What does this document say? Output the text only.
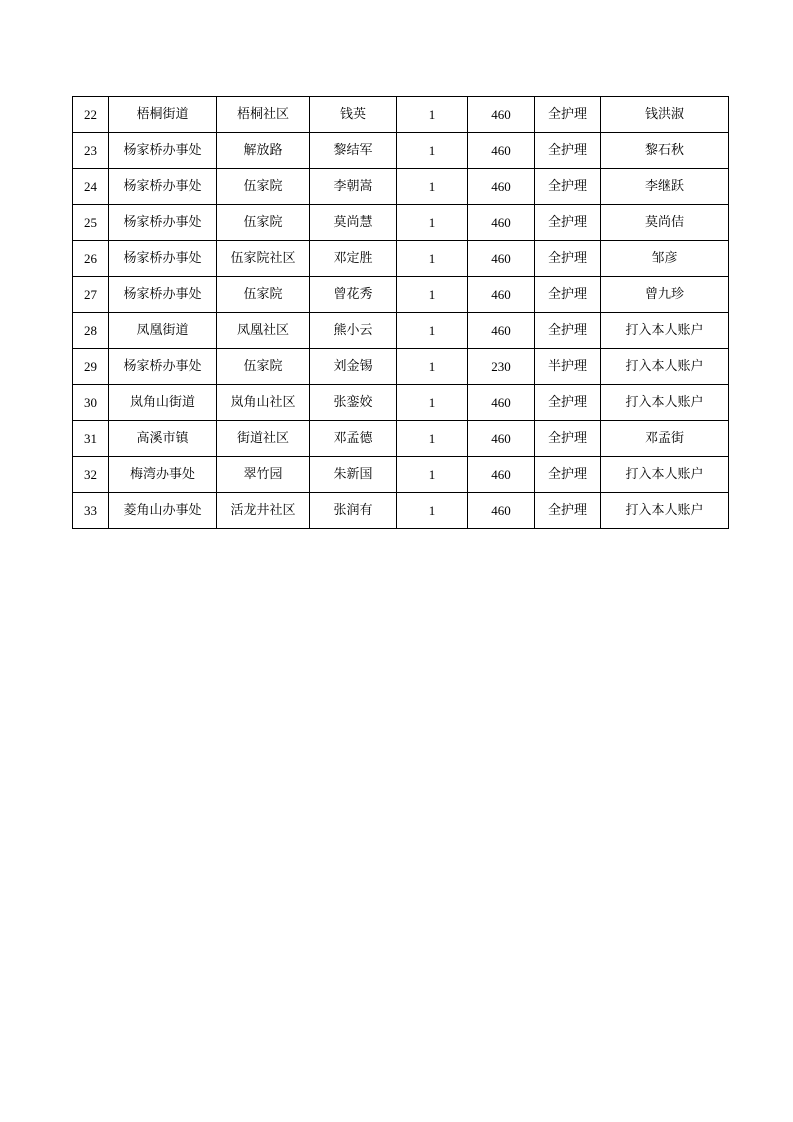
22	梧桐街道	梧桐社区	钱英	1	460	全护理	钱洪淑
23	杨家桥办事处	解放路	黎结军	1	460	全护理	黎石秋
24	杨家桥办事处	伍家院	李朝嵩	1	460	全护理	李继跃
25	杨家桥办事处	伍家院	莫尚慧	1	460	全护理	莫尚佶
26	杨家桥办事处	伍家院社区	邓定胜	1	460	全护理	邹彦
27	杨家桥办事处	伍家院	曾花秀	1	460	全护理	曾九珍
28	凤凰街道	凤凰社区	熊小云	1	460	全护理	打入本人账户
29	杨家桥办事处	伍家院	刘金锡	1	230	半护理	打入本人账户
30	岚角山街道	岚角山社区	张銮姣	1	460	全护理	打入本人账户
31	高溪市镇	街道社区	邓孟德	1	460	全护理	邓孟街
32	梅湾办事处	翠竹园	朱新国	1	460	全护理	打入本人账户
33	菱角山办事处	活龙井社区	张润有	1	460	全护理	打入本人账户
